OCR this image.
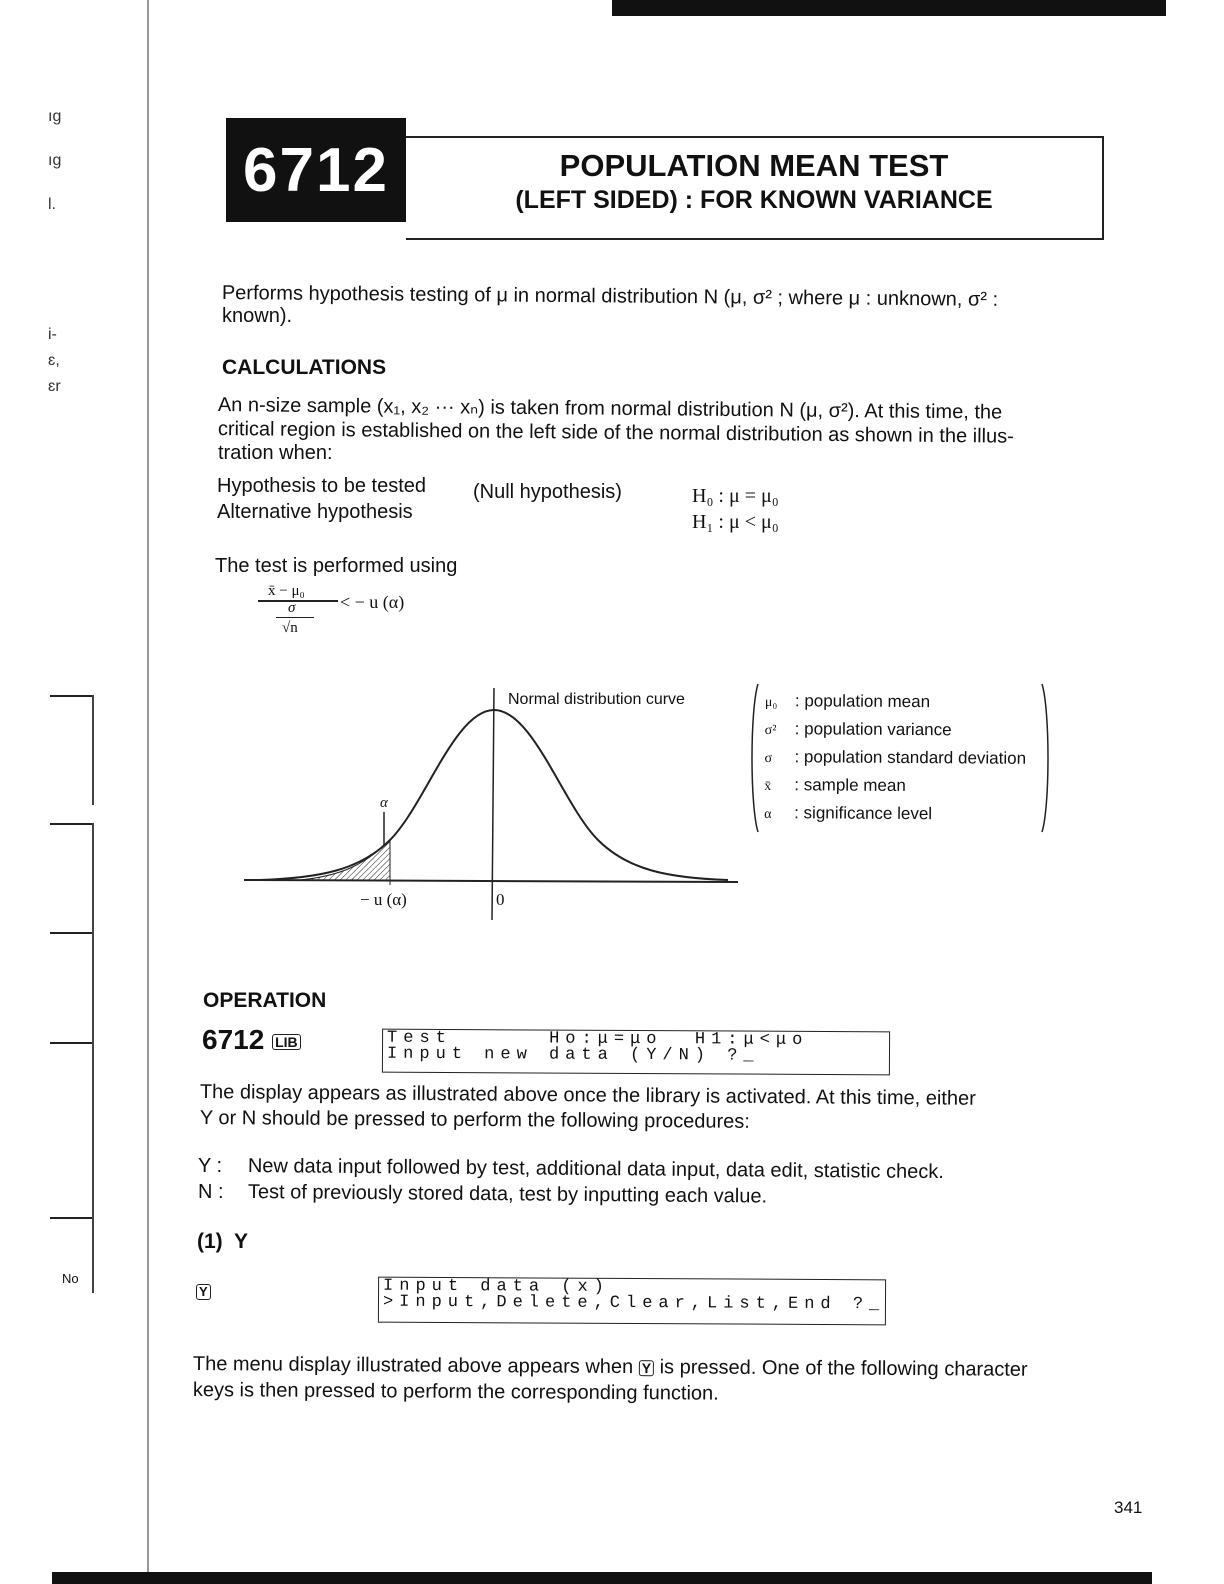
ıg
ıg
l.
i-
ɛ,
ɛr
No
6712	POPULATION MEAN TEST
(LEFT SIDED) : FOR KNOWN VARIANCE
Performs hypothesis testing of μ in normal distribution N (μ, σ² ; where μ : unknown, σ² :
known).
CALCULATIONS
An n-size sample (x₁, x₂ ··· xₙ) is taken from normal distribution N (μ, σ²). At this time, the
critical region is established on the left side of the normal distribution as shown in the illus-
tration when:
Hypothesis to be tested (Null hypothesis)	H₀ : μ = μ₀
Alternative hypothesis	H₁ : μ < μ₀
The test is performed using
x̄ − μ₀
σ
√n
< − u (α)
Normal distribution curve
α
− u (α)	0
μ₀ : population mean
σ² : population variance
σ : population standard deviation
x̄ : sample mean
α : significance level
OPERATION
6712 LIB	Test      Ho:μ=μo  H1:μ<μo
Input new data (Y/N) ?_
The display appears as illustrated above once the library is activated. At this time, either
Y or N should be pressed to perform the following procedures:
Y : New data input followed by test, additional data input, data edit, statistic check.
N : Test of previously stored data, test by inputting each value.
(1)  Y
Y	Input data (x)
>Input,Delete,Clear,List,End ?_
The menu display illustrated above appears when Y is pressed. One of the following character
keys is then pressed to perform the corresponding function.
341
